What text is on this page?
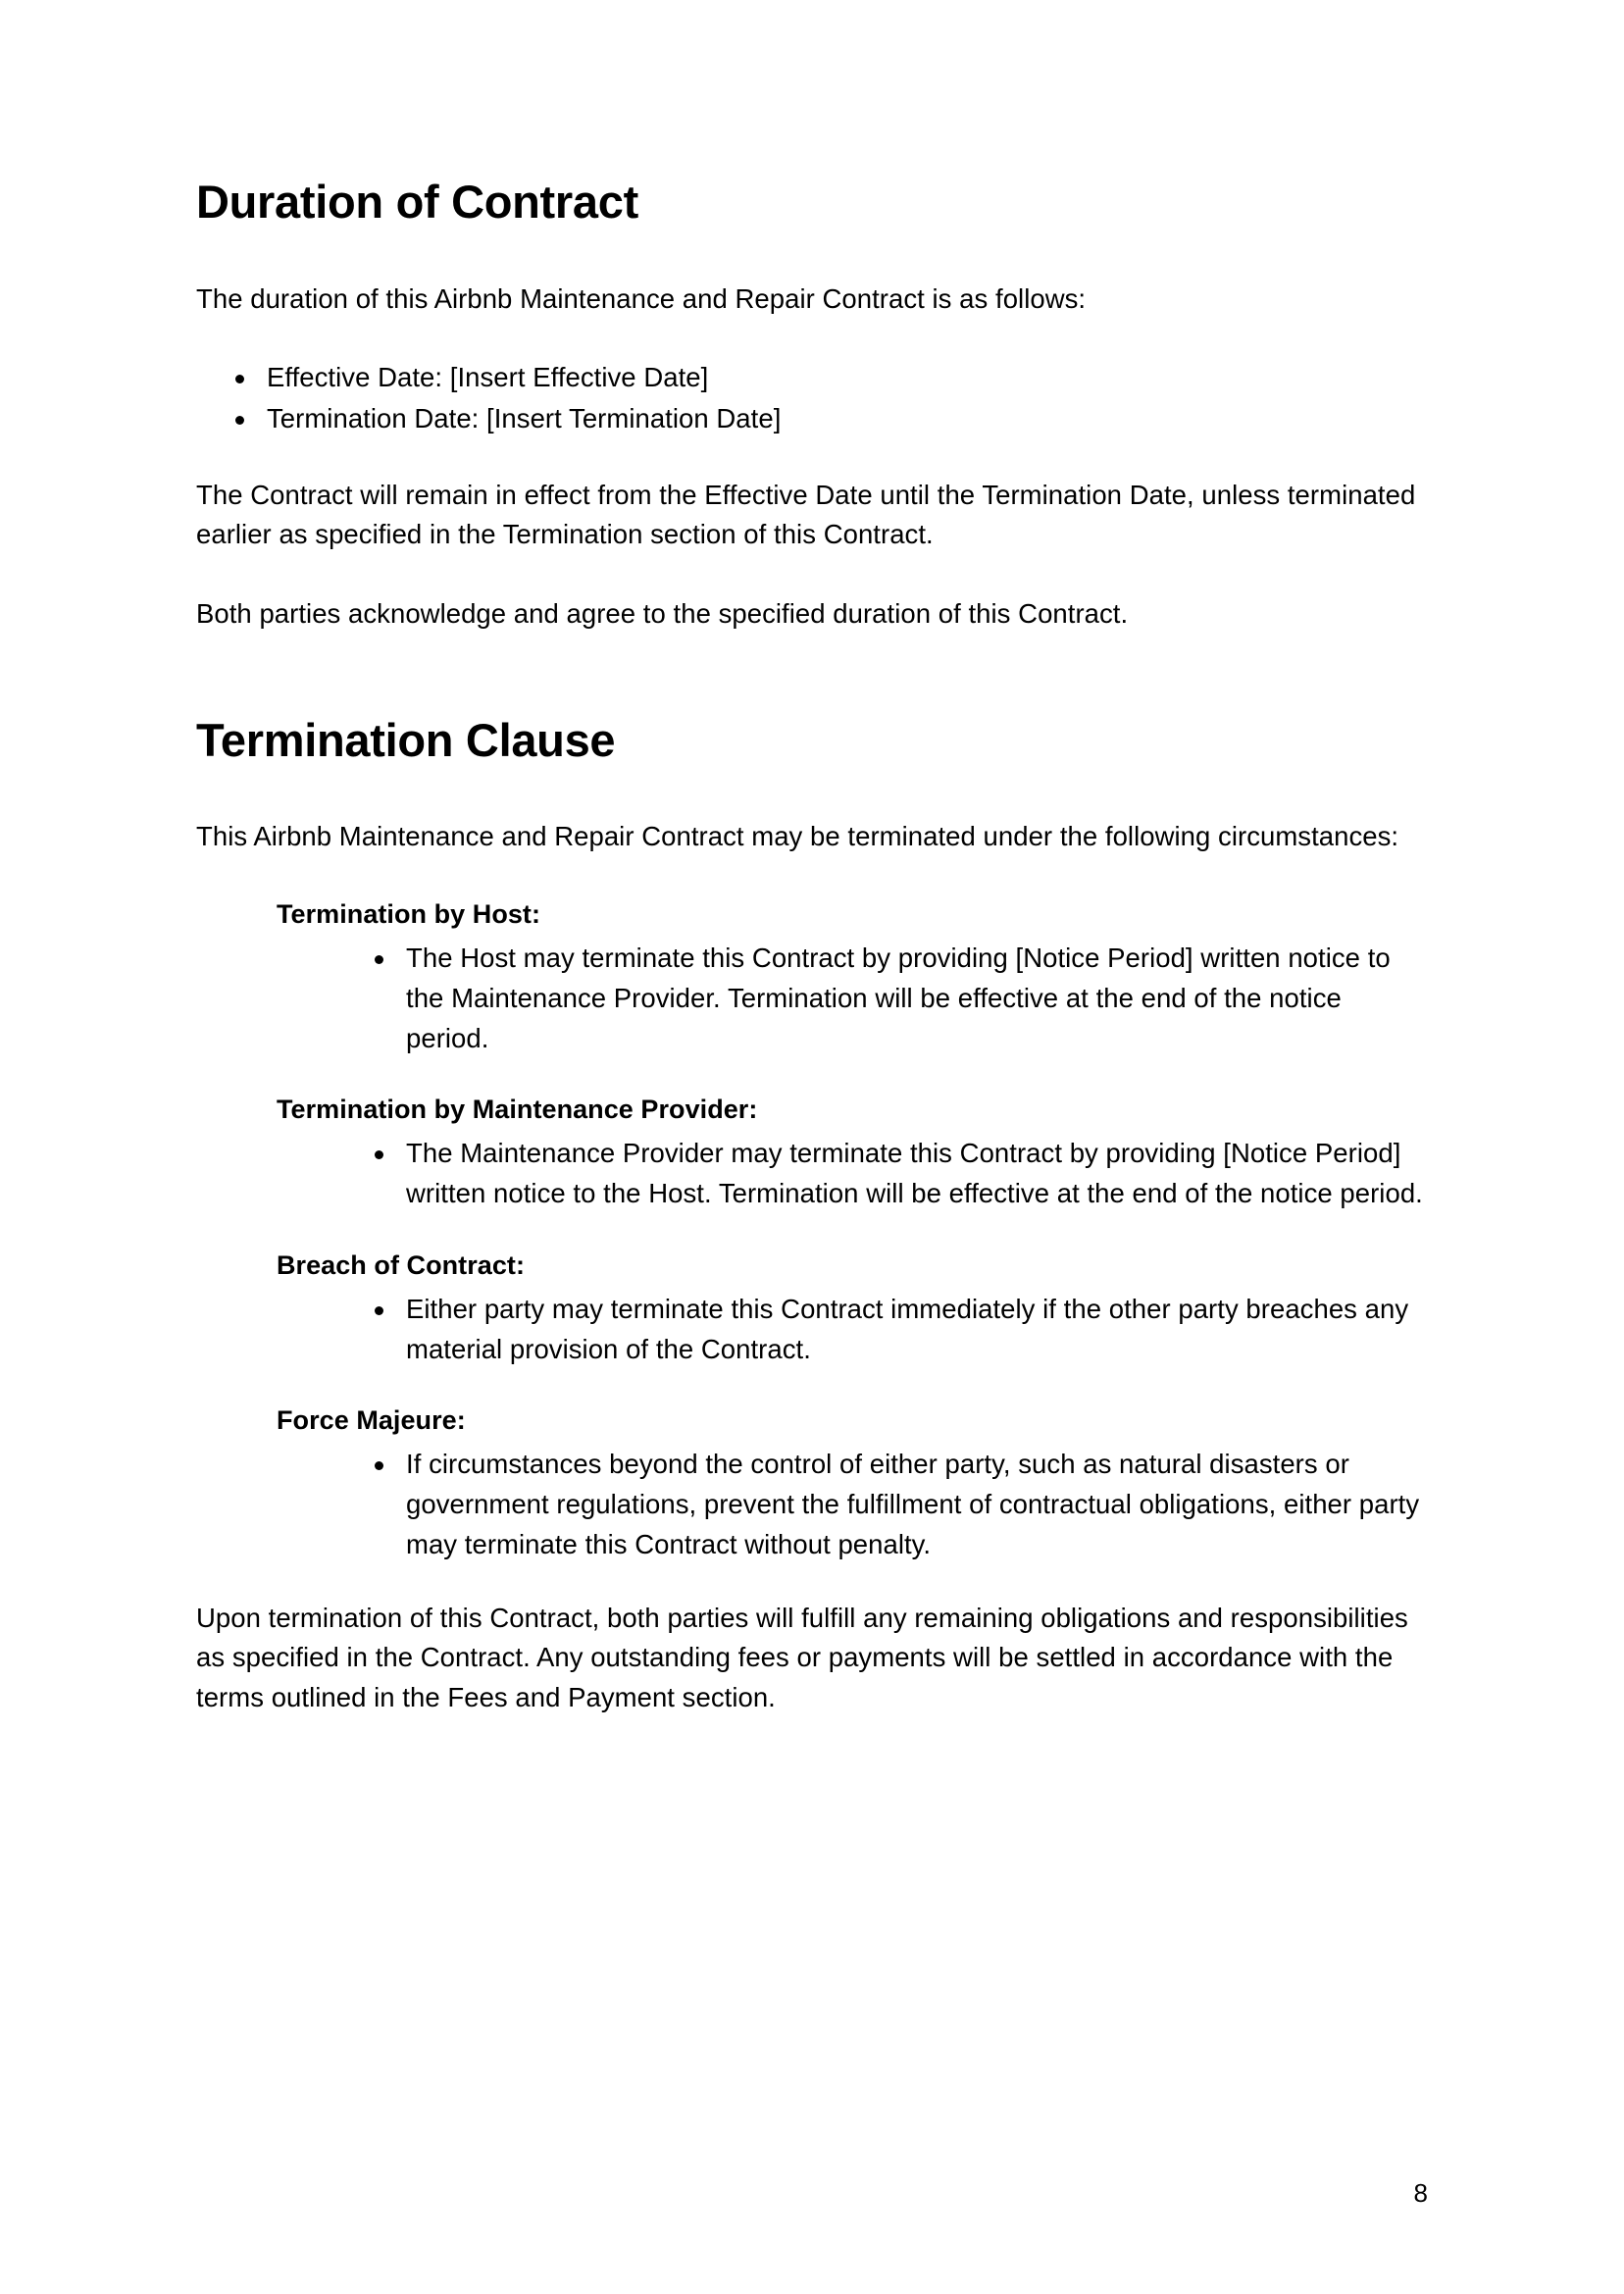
Duration of Contract

The duration of this Airbnb Maintenance and Repair Contract is as follows:

Effective Date: [Insert Effective Date]
Termination Date: [Insert Termination Date]

The Contract will remain in effect from the Effective Date until the Termination Date, unless terminated earlier as specified in the Termination section of this Contract.

Both parties acknowledge and agree to the specified duration of this Contract.

Termination Clause

This Airbnb Maintenance and Repair Contract may be terminated under the following circumstances:

Termination by Host:
The Host may terminate this Contract by providing [Notice Period] written notice to the Maintenance Provider. Termination will be effective at the end of the notice period.
Termination by Maintenance Provider:
The Maintenance Provider may terminate this Contract by providing [Notice Period] written notice to the Host. Termination will be effective at the end of the notice period.
Breach of Contract:
Either party may terminate this Contract immediately if the other party breaches any material provision of the Contract.
Force Majeure:
If circumstances beyond the control of either party, such as natural disasters or government regulations, prevent the fulfillment of contractual obligations, either party may terminate this Contract without penalty.

Upon termination of this Contract, both parties will fulfill any remaining obligations and responsibilities as specified in the Contract. Any outstanding fees or payments will be settled in accordance with the terms outlined in the Fees and Payment section.

8
